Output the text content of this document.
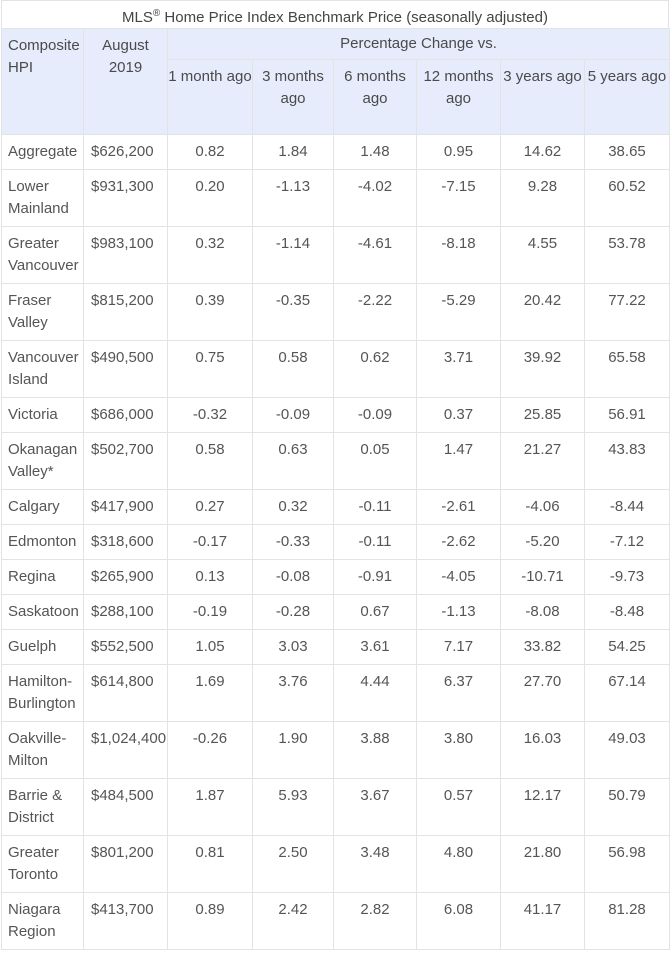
MLS® Home Price Index Benchmark Price (seasonally adjusted)
Composite HPI	August 2019	Percentage Change vs.					
		1 month ago	3 months ago	6 months ago	12 months ago	3 years ago	5 years ago
Aggregate	$626,200	0.82	1.84	1.48	0.95	14.62	38.65
Lower Mainland	$931,300	0.20	-1.13	-4.02	-7.15	9.28	60.52
Greater Vancouver	$983,100	0.32	-1.14	-4.61	-8.18	4.55	53.78
Fraser Valley	$815,200	0.39	-0.35	-2.22	-5.29	20.42	77.22
Vancouver Island	$490,500	0.75	0.58	0.62	3.71	39.92	65.58
Victoria	$686,000	-0.32	-0.09	-0.09	0.37	25.85	56.91
Okanagan Valley*	$502,700	0.58	0.63	0.05	1.47	21.27	43.83
Calgary	$417,900	0.27	0.32	-0.11	-2.61	-4.06	-8.44
Edmonton	$318,600	-0.17	-0.33	-0.11	-2.62	-5.20	-7.12
Regina	$265,900	0.13	-0.08	-0.91	-4.05	-10.71	-9.73
Saskatoon	$288,100	-0.19	-0.28	0.67	-1.13	-8.08	-8.48
Guelph	$552,500	1.05	3.03	3.61	7.17	33.82	54.25
Hamilton-Burlington	$614,800	1.69	3.76	4.44	6.37	27.70	67.14
Oakville-Milton	$1,024,400	-0.26	1.90	3.88	3.80	16.03	49.03
Barrie & District	$484,500	1.87	5.93	3.67	0.57	12.17	50.79
Greater Toronto	$801,200	0.81	2.50	3.48	4.80	21.80	56.98
Niagara Region	$413,700	0.89	2.42	2.82	6.08	41.17	81.28
